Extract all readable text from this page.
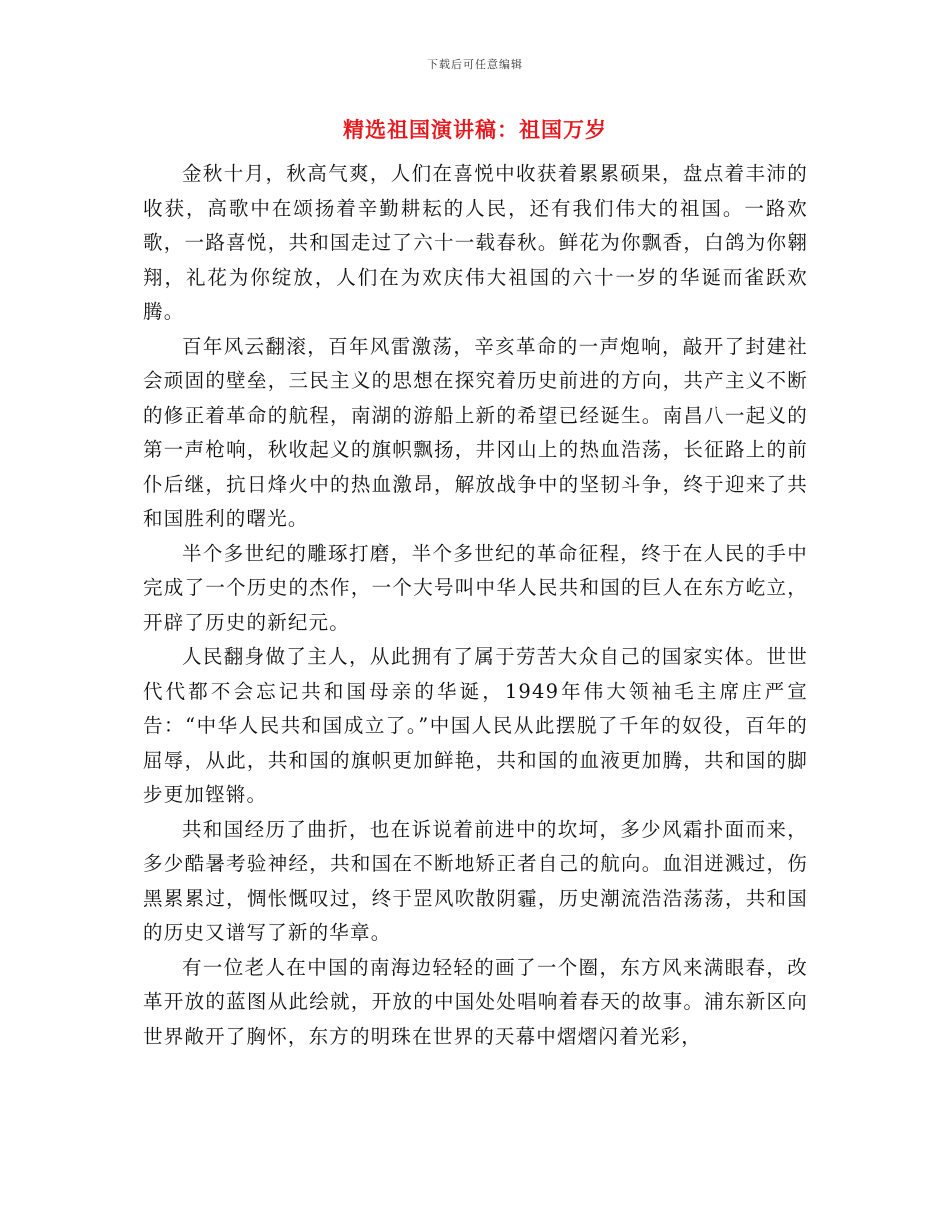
下载后可任意编辑
精选祖国演讲稿：祖国万岁

金秋十月，秋高气爽，人们在喜悦中收获着累累硕果，盘点着丰沛的收获，高歌中在颂扬着辛勤耕耘的人民，还有我们伟大的祖国。一路欢歌，一路喜悦，共和国走过了六十一载春秋。鲜花为你飘香，白鸽为你翱翔，礼花为你绽放，人们在为欢庆伟大祖国的六十一岁的华诞而雀跃欢腾。

百年风云翻滚，百年风雷激荡，辛亥革命的一声炮响，敲开了封建社会顽固的壁垒，三民主义的思想在探究着历史前进的方向，共产主义不断的修正着革命的航程，南湖的游船上新的希望已经诞生。南昌八一起义的第一声枪响，秋收起义的旗帜飘扬，井冈山上的热血浩荡，长征路上的前仆后继，抗日烽火中的热血激昂，解放战争中的坚韧斗争，终于迎来了共和国胜利的曙光。

半个多世纪的雕琢打磨，半个多世纪的革命征程，终于在人民的手中完成了一个历史的杰作，一个大号叫中华人民共和国的巨人在东方屹立，开辟了历史的新纪元。

人民翻身做了主人，从此拥有了属于劳苦大众自己的国家实体。世世代代都不会忘记共和国母亲的华诞，1949年伟大领袖毛主席庄严宣告：“中华人民共和国成立了。”中国人民从此摆脱了千年的奴役，百年的屈辱，从此，共和国的旗帜更加鲜艳，共和国的血液更加腾，共和国的脚步更加铿锵。

共和国经历了曲折，也在诉说着前进中的坎坷，多少风霜扑面而来，多少酷暑考验神经，共和国在不断地矫正者自己的航向。血泪迸溅过，伤黑累累过，惆怅慨叹过，终于罡风吹散阴霾，历史潮流浩浩荡荡，共和国的历史又谱写了新的华章。

有一位老人在中国的南海边轻轻的画了一个圈，东方风来满眼春，改革开放的蓝图从此绘就，开放的中国处处唱响着春天的故事。浦东新区向世界敞开了胸怀，东方的明珠在世界的天幕中熠熠闪着光彩，
